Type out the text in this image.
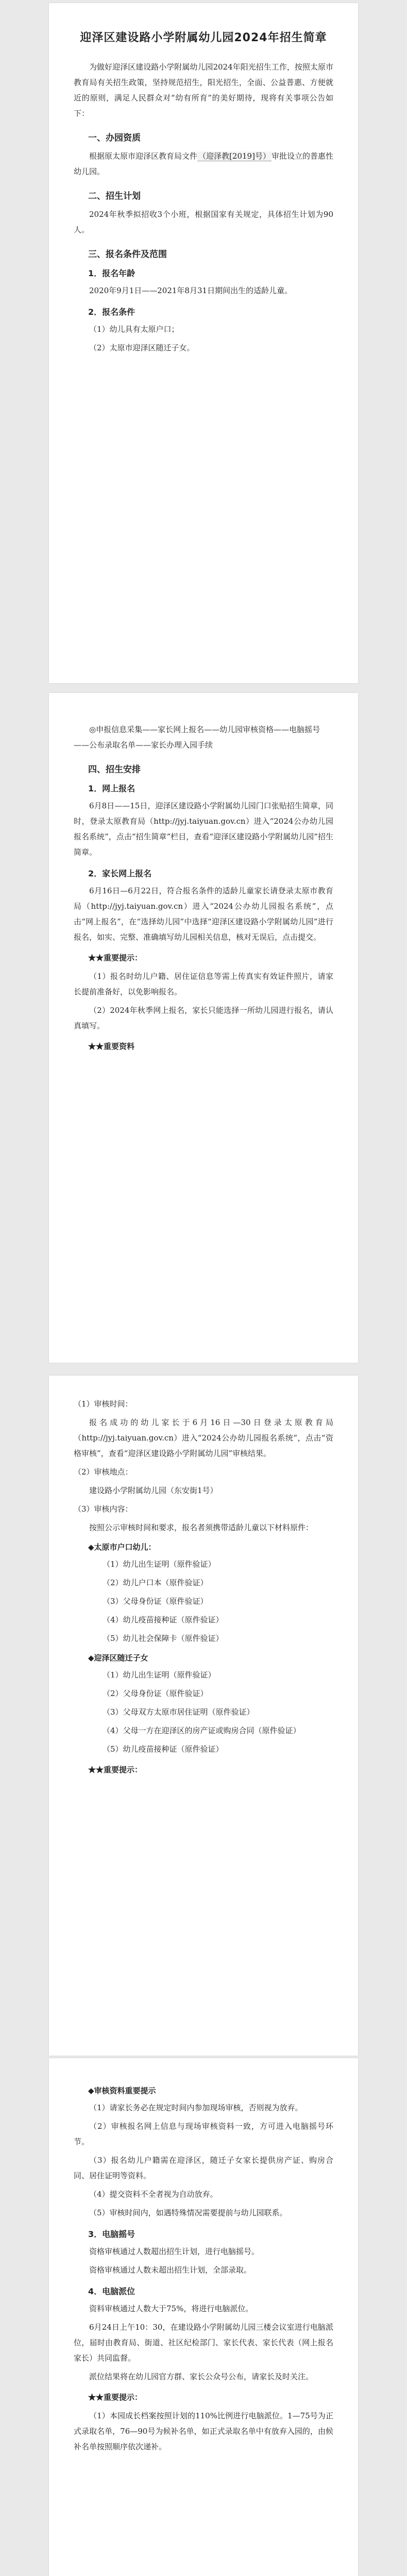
迎泽区建设路小学附属幼儿园2024年招生简章

为做好迎泽区建设路小学附属幼儿园2024年阳光招生工作，按照太原市教育局有关招生政策，坚持规范招生，阳光招生，全面、公益普惠、方便就近的原则，满足人民群众对“幼有所育”的美好期待，现将有关事项公告如下：

一、办园资质

根据原太原市迎泽区教育局文件 （迎泽教[2019]号） 审批设立的普惠性幼儿园。

二、招生计划

2024年秋季拟招收3个小班，根据国家有关规定，具体招生计划为90人。

三、报名条件及范围
1．报名年龄

2020年9月1日——2021年8月31日期间出生的适龄儿童。

2．报名条件

（1）幼儿具有太原户口；

（2）太原市迎泽区随迁子女。

◎申报信息采集——家长网上报名——幼儿园审核资格——电脑摇号——公布录取名单——家长办理入园手续
四、招生安排
1．网上报名

6月8日——15日，迎泽区建设路小学附属幼儿园门口张贴招生简章，同时，登录太原教育局（http://jyj.taiyuan.gov.cn）进入“2024公办幼儿园报名系统”，点击“招生简章”栏目，查看“迎泽区建设路小学附属幼儿园”招生简章。

2．家长网上报名

6月16日—6月22日，符合报名条件的适龄儿童家长请登录太原市教育局（http://jyj.taiyuan.gov.cn）进入“2024公办幼儿园报名系统”，点击“网上报名”，在“选择幼儿园”中选择“迎泽区建设路小学附属幼儿园”进行报名，如实、完整、准确填写幼儿园相关信息，核对无误后，点击提交。

★ ★重要提示：

（1）报名时幼儿户籍、居住证信息等需上传真实有效证件照片，请家长提前准备好，以免影响报名。

（2）2024年秋季网上报名，家长只能选择一所幼儿园进行报名，请认真填写。

★ ★重要资料

（1）审核时间：

报名成功的幼儿家长于6月16日—30日登录太原教育局（http://jyj.taiyuan.gov.cn）进入“2024公办幼儿园报名系统”，点击“资格审核”，查看“迎泽区建设路小学附属幼儿园”审核结果。

（2）审核地点：

建设路小学附属幼儿园（东安街1号）

（3）审核内容：

按照公示审核时间和要求，报名者须携带适龄儿童以下材料原件：

◆太原市户口幼儿：
（1）幼儿出生证明（原件验证）
（2）幼儿户口本（原件验证）
（3）父母身份证（原件验证）
（4）幼儿疫苗接种证（原件验证）
（5）幼儿社会保障卡（原件验证）
◆迎泽区随迁子女
（1）幼儿出生证明（原件验证）
（2）父母身份证（原件验证）
（3）父母双方太原市居住证明（原件验证）
（4）父母一方在迎泽区的房产证或购房合同（原件验证）
（5）幼儿疫苗接种证（原件验证）
★ ★重要提示：
◆审核资料重要提示

（1）请家长务必在规定时间内参加现场审核，否则视为放弃。

（2）审核报名网上信息与现场审核资料一致，方可进入电脑摇号环节。

（3）报名幼儿户籍需在迎泽区，随迁子女家长提供房产证、购房合同、居住证明等资料。

（4）提交资料不全者视为自动放弃。

（5）审核时间内，如遇特殊情况需要提前与幼儿园联系。

3．电脑摇号

资格审核通过人数超出招生计划，进行电脑摇号。

资格审核通过人数未超出招生计划，全部录取。

4．电脑派位

资料审核通过人数大于75%，将进行电脑派位。

6月24日上午10：30，在建设路小学附属幼儿园三楼会议室进行电脑派位，届时由教育局、街道、社区纪检部门、家长代表、家长代表（网上报名家长）共同监督。

派位结果将在幼儿园官方群、家长公众号公布，请家长及时关注。

★ ★重要提示：

（1）本园成长档案按照计划的110%比例进行电脑派位。1—75号为正式录取名单，76—90号为候补名单，如正式录取名单中有放弃入园的，由候补名单按照顺序依次递补。
